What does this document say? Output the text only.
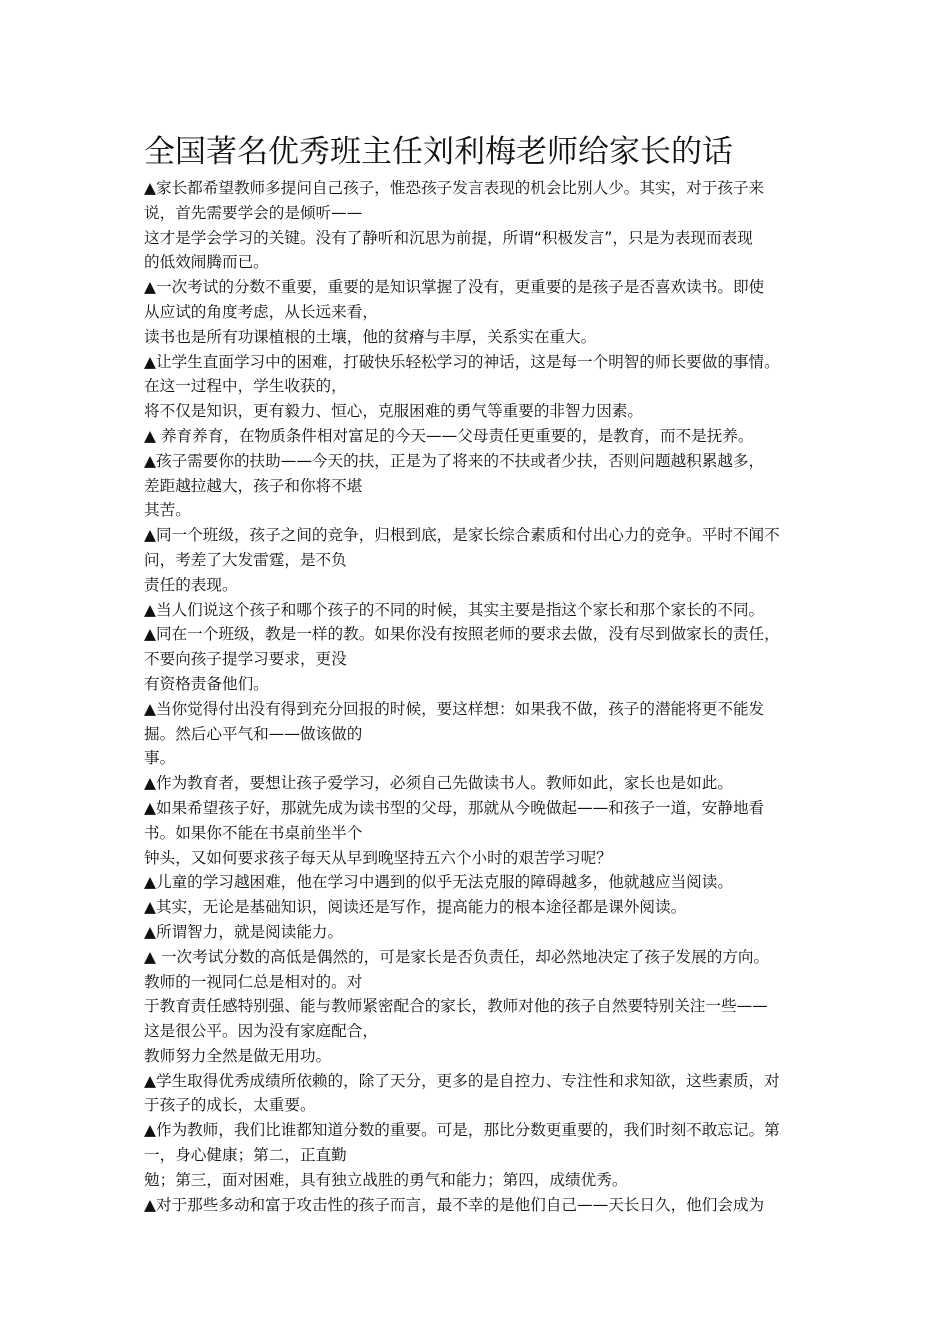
全国著名优秀班主任刘利梅老师给家长的话
▲家长都希望教师多提问自己孩子，惟恐孩子发言表现的机会比别人少。其实，对于孩子来
说，首先需要学会的是倾听——
这才是学会学习的关键。没有了静听和沉思为前提，所谓“积极发言”，只是为表现而表现
的低效闹腾而已。
▲一次考试的分数不重要，重要的是知识掌握了没有，更重要的是孩子是否喜欢读书。即使
从应试的角度考虑，从长远来看，
读书也是所有功课植根的土壤，他的贫瘠与丰厚，关系实在重大。
▲让学生直面学习中的困难，打破快乐轻松学习的神话，这是每一个明智的师长要做的事情。
在这一过程中，学生收获的，
将不仅是知识，更有毅力、恒心，克服困难的勇气等重要的非智力因素。
▲ 养育养育，在物质条件相对富足的今天——父母责任更重要的，是教育，而不是抚养。
▲孩子需要你的扶助——今天的扶，正是为了将来的不扶或者少扶，否则问题越积累越多，
差距越拉越大，孩子和你将不堪
其苦。
▲同一个班级，孩子之间的竞争，归根到底，是家长综合素质和付出心力的竞争。平时不闻不
问，考差了大发雷霆，是不负
责任的表现。
▲当人们说这个孩子和哪个孩子的不同的时候，其实主要是指这个家长和那个家长的不同。
▲同在一个班级，教是一样的教。如果你没有按照老师的要求去做，没有尽到做家长的责任，
不要向孩子提学习要求，更没
有资格责备他们。
▲当你觉得付出没有得到充分回报的时候，要这样想：如果我不做，孩子的潜能将更不能发
掘。然后心平气和——做该做的
事。
▲作为教育者，要想让孩子爱学习，必须自己先做读书人。教师如此，家长也是如此。
▲如果希望孩子好，那就先成为读书型的父母，那就从今晚做起——和孩子一道，安静地看
书。如果你不能在书桌前坐半个
钟头，又如何要求孩子每天从早到晚坚持五六个小时的艰苦学习呢？
▲儿童的学习越困难，他在学习中遇到的似乎无法克服的障碍越多，他就越应当阅读。
▲其实，无论是基础知识，阅读还是写作，提高能力的根本途径都是课外阅读。
▲所谓智力，就是阅读能力。
▲ 一次考试分数的高低是偶然的，可是家长是否负责任，却必然地决定了孩子发展的方向。
教师的一视同仁总是相对的。对
于教育责任感特别强、能与教师紧密配合的家长，教师对他的孩子自然要特别关注一些——
这是很公平。因为没有家庭配合，
教师努力全然是做无用功。
▲学生取得优秀成绩所依赖的，除了天分，更多的是自控力、专注性和求知欲，这些素质，对
于孩子的成长，太重要。
▲作为教师，我们比谁都知道分数的重要。可是，那比分数更重要的，我们时刻不敢忘记。第
一，身心健康；第二，正直勤
勉；第三，面对困难，具有独立战胜的勇气和能力；第四，成绩优秀。
▲对于那些多动和富于攻击性的孩子而言，最不幸的是他们自己——天长日久，他们会成为
